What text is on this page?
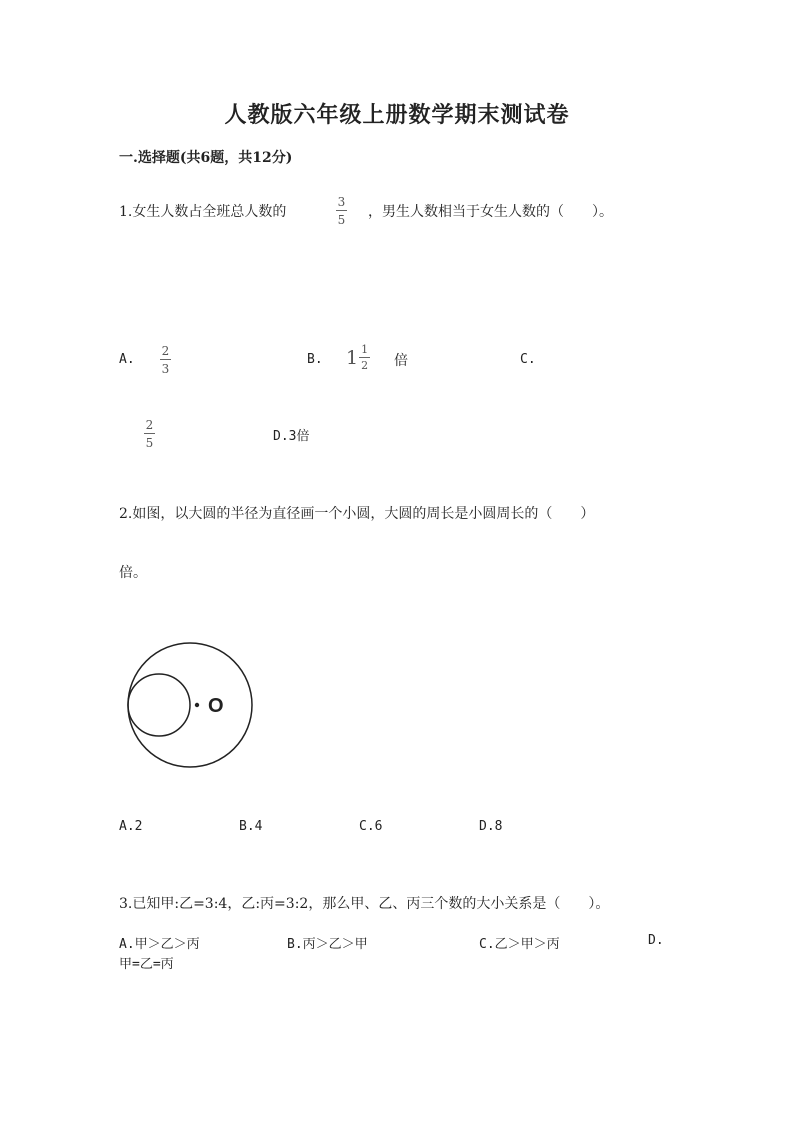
人教版六年级上册数学期末测试卷
一.选择题(共6题，共12分)
1.女生人数占全班总人数的
3
5 ，男生人数相当于女生人数的（　　）。
A.
2
3
B. $1 \frac{1}{2}$ 倍	C.
2
5	D.3倍
2.如图，以大圆的半径为直径画一个小圆，大圆的周长是小圆周长的（　　）
倍。
O
A.2	B.4	C.6	D.8
3.已知甲:乙=3:4，乙:丙=3:2，那么甲、乙、丙三个数的大小关系是（　　）。
A.甲＞乙＞丙	B.丙＞乙＞甲	C.乙＞甲＞丙	D.
甲=乙=丙
